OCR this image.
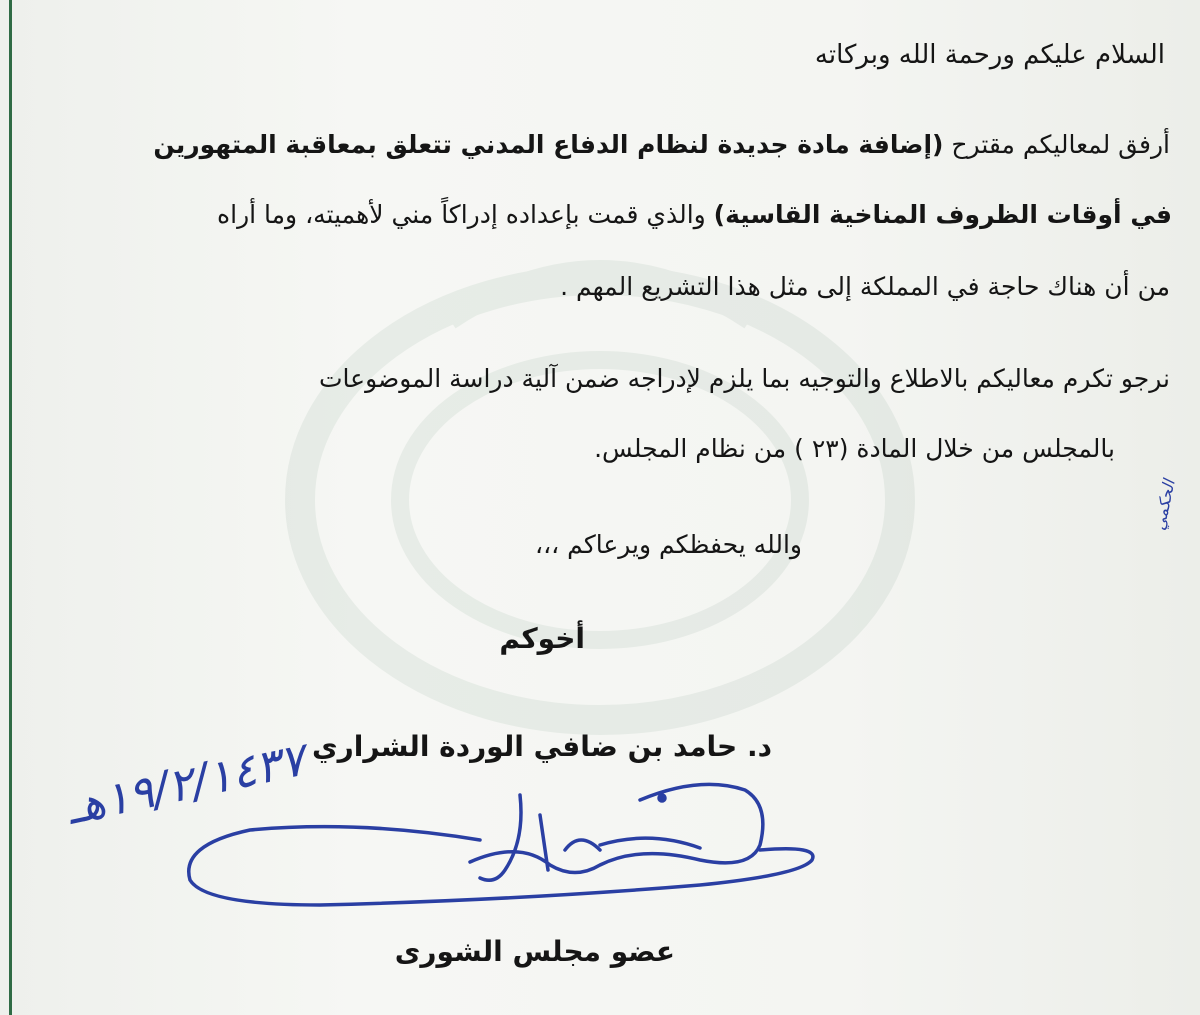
السلام عليكم ورحمة الله وبركاته
أرفق لمعاليكم مقترح (إضافة مادة جديدة لنظام الدفاع المدني تتعلق بمعاقبة المتهورين
في أوقات الظروف المناخية القاسية) والذي قمت بإعداده إدراكاً مني لأهميته، وما أراه
من أن هناك حاجة في المملكة إلى مثل هذا التشريع المهم .
نرجو تكرم معاليكم بالاطلاع والتوجيه بما يلزم لإدراجه ضمن آلية دراسة الموضوعات
بالمجلس من خلال المادة (٢٣ ) من نظام المجلس.
والله يحفظكم ويرعاكم ،،،
أخوكم
د. حامد بن ضافي الوردة الشراري
عضو مجلس الشورى
الحكمي
١٩/٢/١٤٣٧هـ
